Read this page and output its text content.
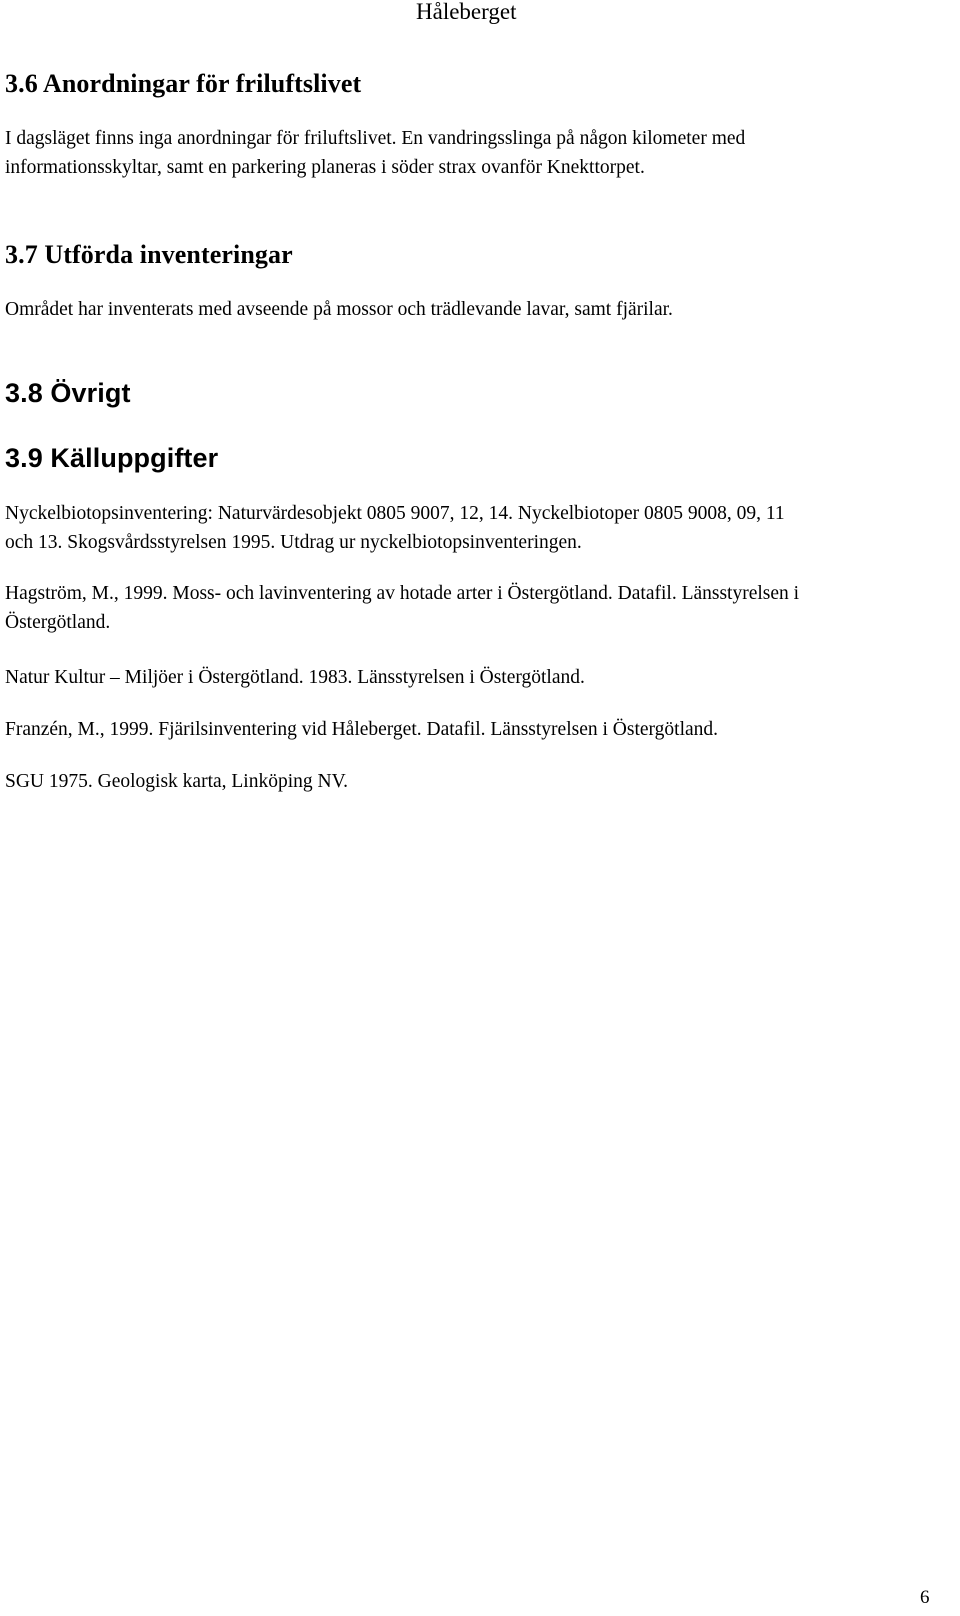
Håleberget
3.6 Anordningar för friluftslivet

I dagsläget finns inga anordningar för friluftslivet. En vandringsslinga på någon kilometer med
informationsskyltar, samt en parkering planeras i söder strax ovanför Knekttorpet.

3.7 Utförda inventeringar

Området har inventerats med avseende på mossor och trädlevande lavar, samt fjärilar.

3.8 Övrigt
3.9 Källuppgifter

Nyckelbiotopsinventering: Naturvärdesobjekt 0805 9007, 12, 14. Nyckelbiotoper 0805 9008, 09, 11
och 13. Skogsvårdsstyrelsen 1995. Utdrag ur nyckelbiotopsinventeringen.

Hagström, M., 1999. Moss- och lavinventering av hotade arter i Östergötland. Datafil. Länsstyrelsen i
Östergötland.

Natur Kultur – Miljöer i Östergötland. 1983. Länsstyrelsen i Östergötland.

Franzén, M., 1999. Fjärilsinventering vid Håleberget. Datafil. Länsstyrelsen i Östergötland.

SGU 1975. Geologisk karta, Linköping NV.

6
